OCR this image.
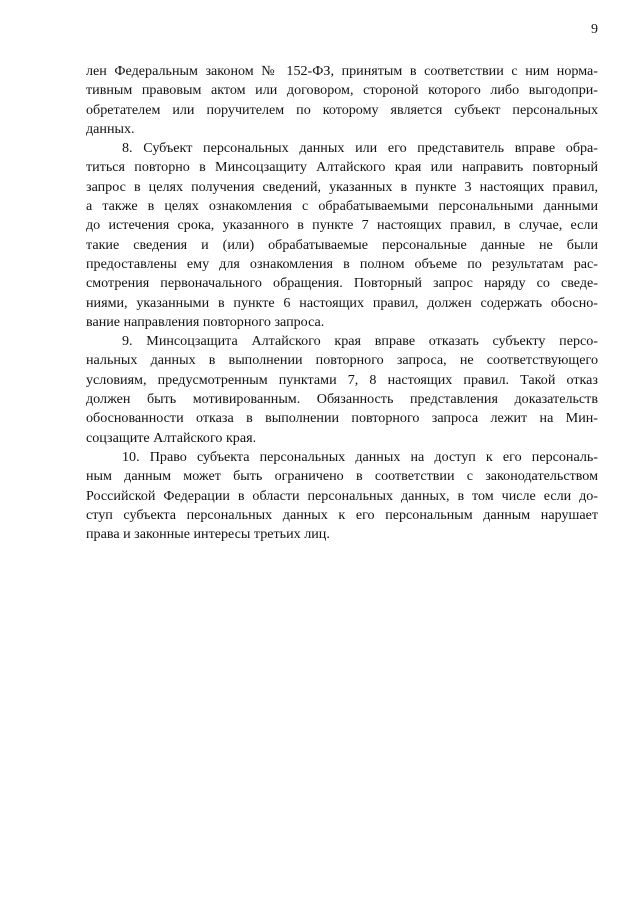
9
лен Федеральным законом № 152-ФЗ, принятым в соответствии с ним норма-
тивным правовым актом или договором, стороной которого либо выгодопри-
обретателем или поручителем по которому является субъект персональных
данных.
8. Субъект персональных данных или его представитель вправе обра-
титься повторно в Минсоцзащиту Алтайского края или направить повторный
запрос в целях получения сведений, указанных в пункте 3 настоящих правил,
а также в целях ознакомления с обрабатываемыми персональными данными
до истечения срока, указанного в пункте 7 настоящих правил, в случае, если
такие сведения и (или) обрабатываемые персональные данные не были
предоставлены ему для ознакомления в полном объеме по результатам рас-
смотрения первоначального обращения. Повторный запрос наряду со сведе-
ниями, указанными в пункте 6 настоящих правил, должен содержать обосно-
вание направления повторного запроса.
9. Минсоцзащита Алтайского края вправе отказать субъекту персо-
нальных данных в выполнении повторного запроса, не соответствующего
условиям, предусмотренным пунктами 7, 8 настоящих правил. Такой отказ
должен быть мотивированным. Обязанность представления доказательств
обоснованности отказа в выполнении повторного запроса лежит на Мин-
соцзащите Алтайского края.
10. Право субъекта персональных данных на доступ к его персональ-
ным данным может быть ограничено в соответствии с законодательством
Российской Федерации в области персональных данных, в том числе если до-
ступ субъекта персональных данных к его персональным данным нарушает
права и законные интересы третьих лиц.
